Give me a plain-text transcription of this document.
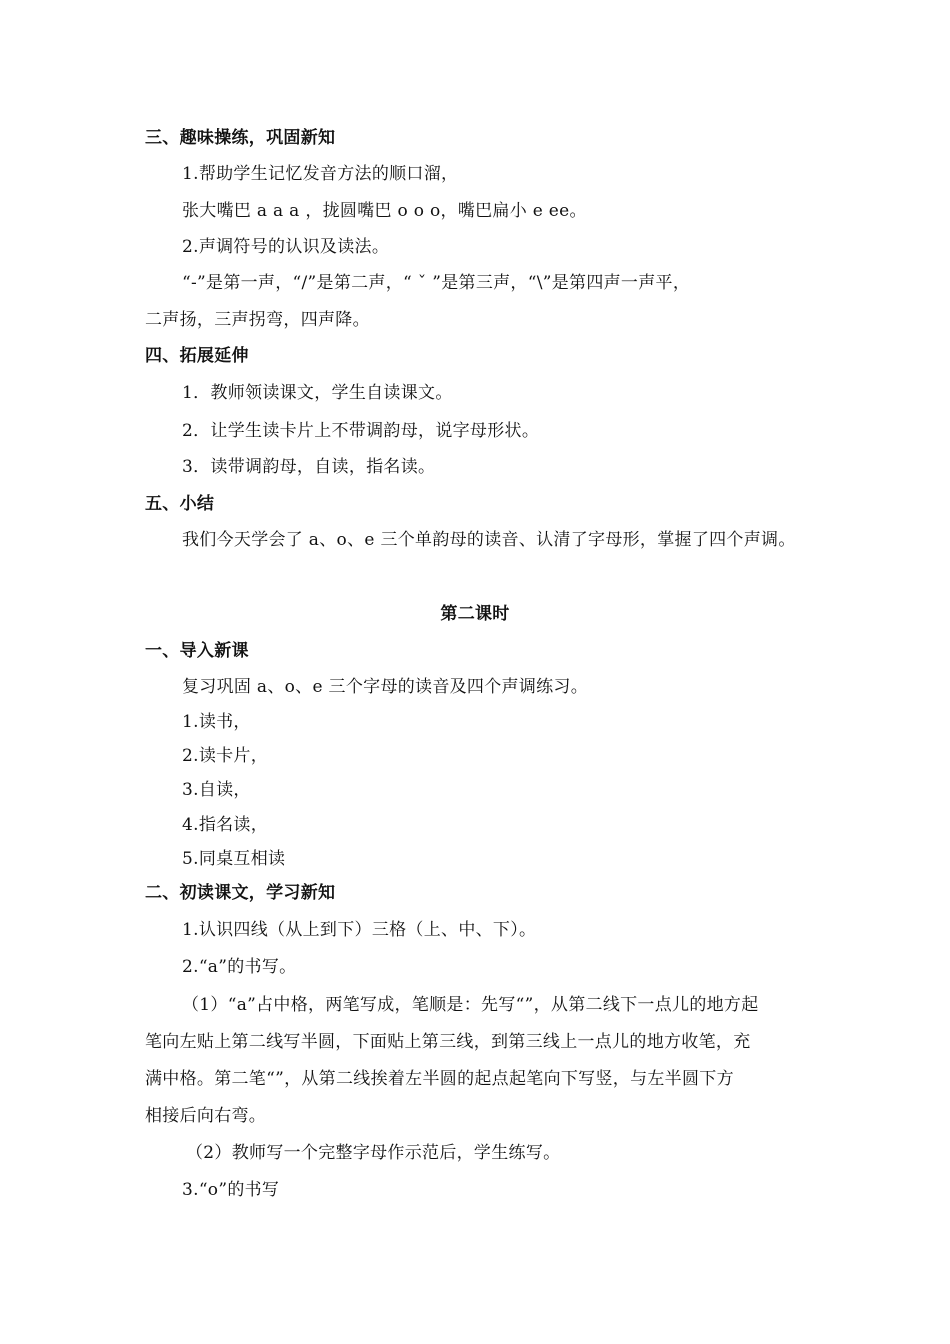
三、趣味操练，巩固新知
1.帮助学生记忆发音方法的顺口溜，
张大嘴巴 a a a ，拢圆嘴巴 o o o，嘴巴扁小 e ee。
2.声调符号的认识及读法。
“-”是第一声，“/”是第二声，“ ˇ ”是第三声，“\”是第四声一声平，
二声扬，三声拐弯，四声降。
四、拓展延伸
1．教师领读课文，学生自读课文。
2．让学生读卡片上不带调韵母，说字母形状。
3．读带调韵母，自读，指名读。
五、小结
我们今天学会了 a、o、e 三个单韵母的读音、认清了字母形，掌握了四个声调。
第二课时
一、导入新课
复习巩固 a、o、e 三个字母的读音及四个声调练习。
1.读书，
2.读卡片，
3.自读，
4.指名读，
5.同桌互相读
二、初读课文，学习新知
1.认识四线（从上到下）三格（上、中、下）。
2.“a”的书写。
（1）“a”占中格，两笔写成，笔顺是：先写“”，从第二线下一点儿的地方起
笔向左贴上第二线写半圆，下面贴上第三线，到第三线上一点儿的地方收笔，充
满中格。第二笔“”，从第二线挨着左半圆的起点起笔向下写竖，与左半圆下方
相接后向右弯。
（2）教师写一个完整字母作示范后，学生练写。
3.“o”的书写
